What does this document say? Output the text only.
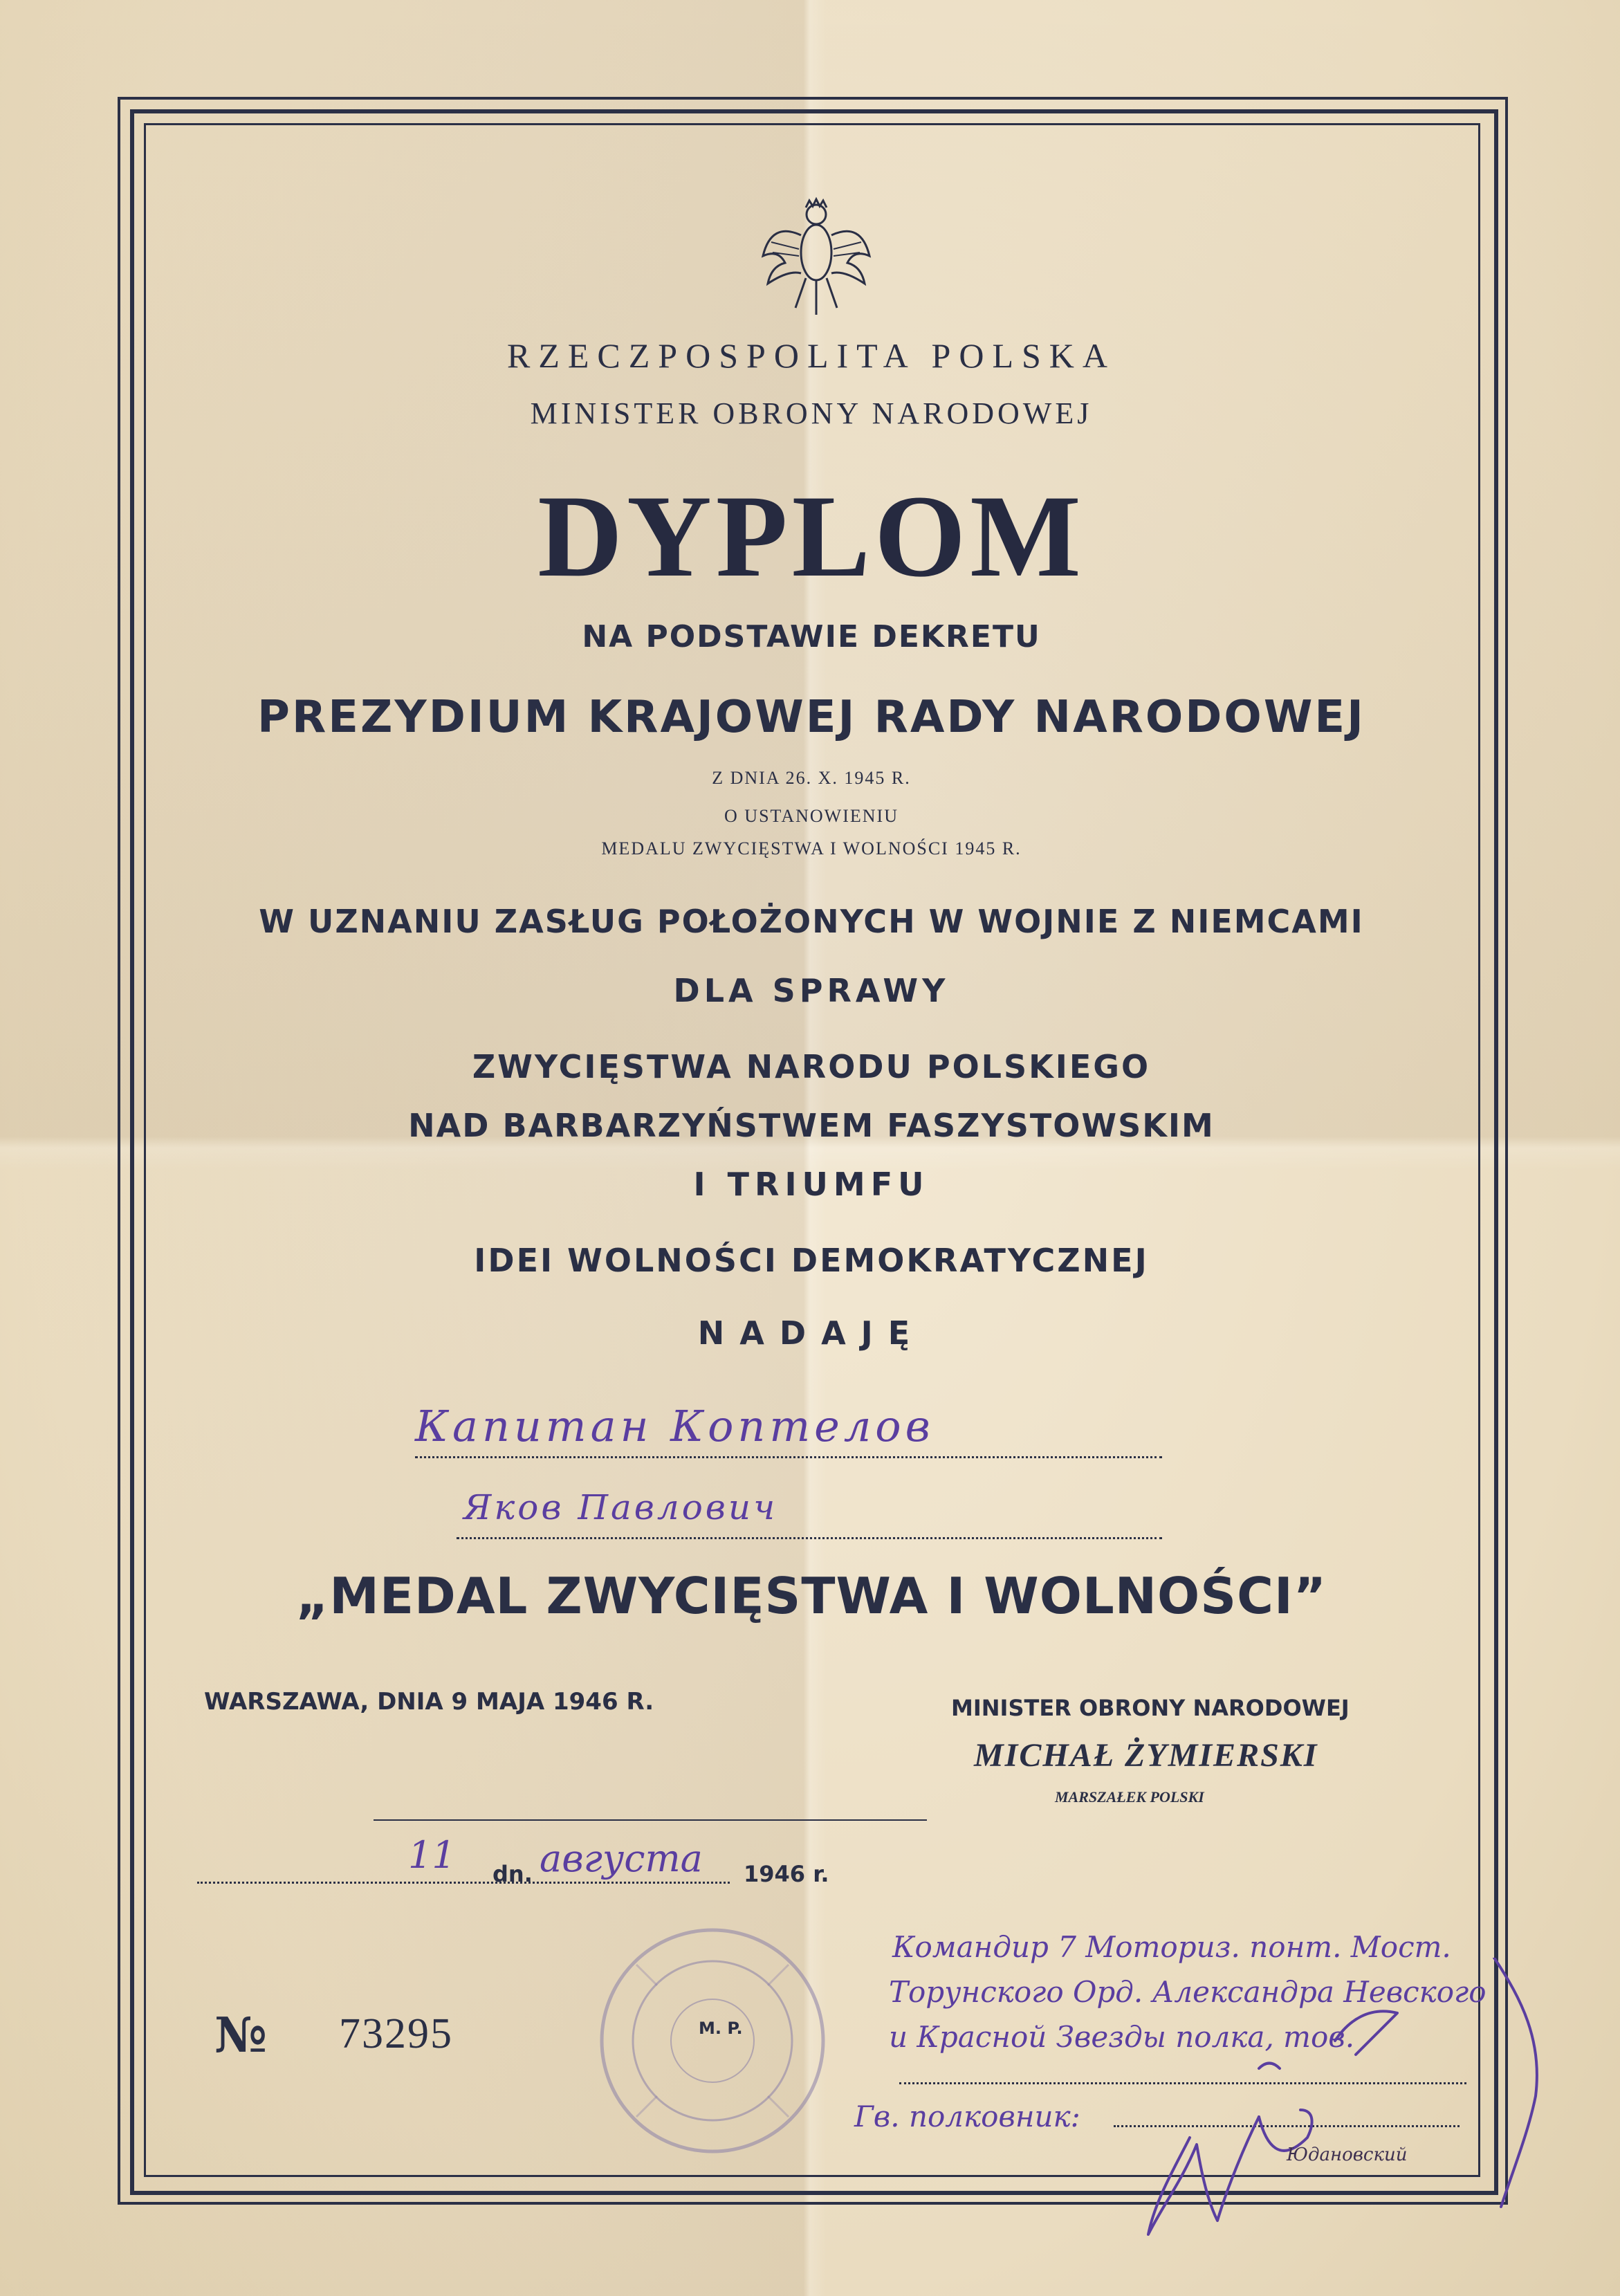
RZECZPOSPOLITA POLSKA
MINISTER OBRONY NARODOWEJ
DYPLOM
NA PODSTAWIE DEKRETU
PREZYDIUM KRAJOWEJ RADY NARODOWEJ
Z DNIA 26. X. 1945 R.
O USTANOWIENIU
MEDALU ZWYCIĘSTWA I WOLNOŚCI 1945 R.
W UZNANIU ZASŁUG POŁOŻONYCH W WOJNIE Z NIEMCAMI
DLA SPRAWY
ZWYCIĘSTWA NARODU POLSKIEGO
NAD BARBARZYŃSTWEM FASZYSTOWSKIM
I TRIUMFU
IDEI WOLNOŚCI DEMOKRATYCZNEJ
NADAJĘ
Капитан Коптелов
Яков Павлович
„MEDAL ZWYCIĘSTWA I WOLNOŚCI”
WARSZAWA, DNIA 9 MAJA 1946 R.	MINISTER OBRONY NARODOWEJ
MICHAŁ ŻYMIERSKI
MARSZAŁEK POLSKI
11 dn. августа 1946 r.
M. P.
№ 73295
Командир 7 Моториз. понт. Мост.
Торунского Орд. Александра Невского
и Красной Звезды полка, тов.
Гв. полковник:
Юдановский
